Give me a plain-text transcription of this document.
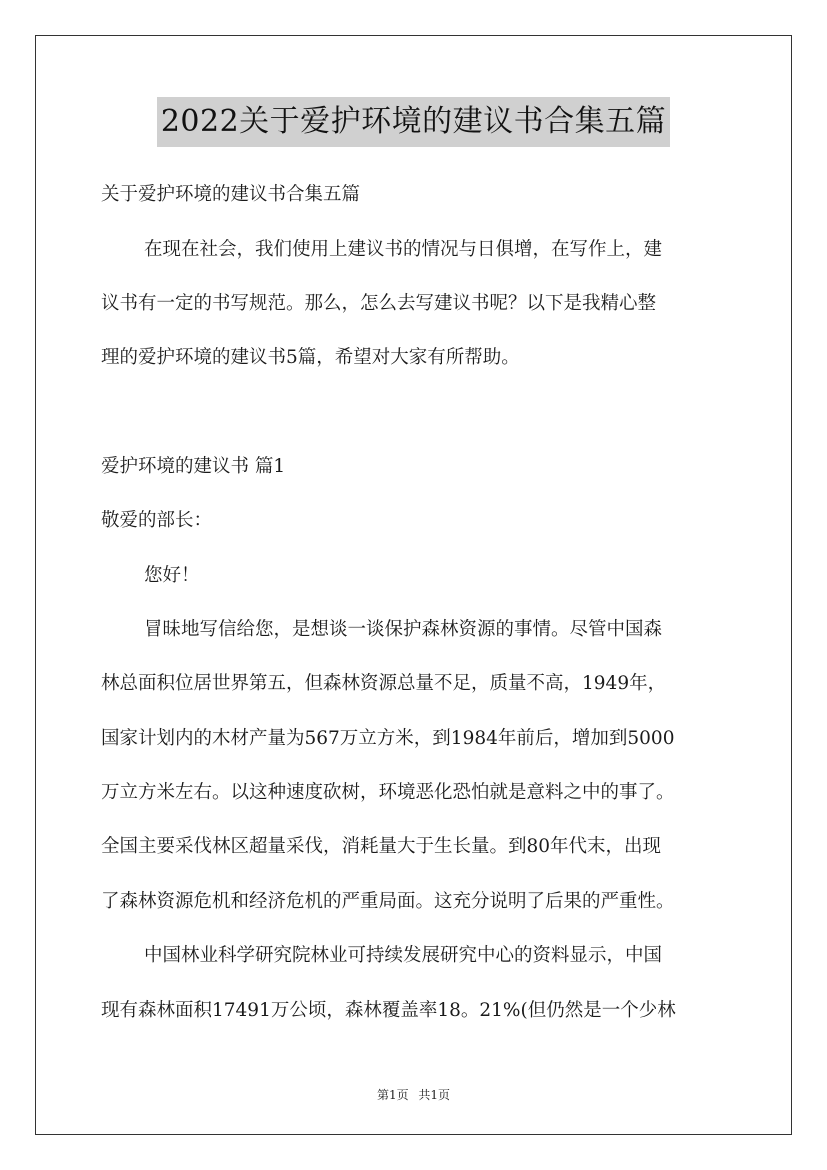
2022关于爱护环境的建议书合集五篇
关于爱护环境的建议书合集五篇
在现在社会，我们使用上建议书的情况与日俱增，在写作上，建
议书有一定的书写规范。那么，怎么去写建议书呢？以下是我精心整
理的爱护环境的建议书5篇，希望对大家有所帮助。
爱护环境的建议书 篇1
敬爱的部长：
您好！
冒昧地写信给您，是想谈一谈保护森林资源的事情。尽管中国森
林总面积位居世界第五，但森林资源总量不足，质量不高，1949年，
国家计划内的木材产量为567万立方米，到1984年前后，增加到5000
万立方米左右。以这种速度砍树，环境恶化恐怕就是意料之中的事了。
全国主要采伐林区超量采伐，消耗量大于生长量。到80年代末，出现
了森林资源危机和经济危机的严重局面。这充分说明了后果的严重性。
中国林业科学研究院林业可持续发展研究中心的资料显示，中国
现有森林面积17491万公顷，森林覆盖率18。21%(但仍然是一个少林
第1页 共1页
